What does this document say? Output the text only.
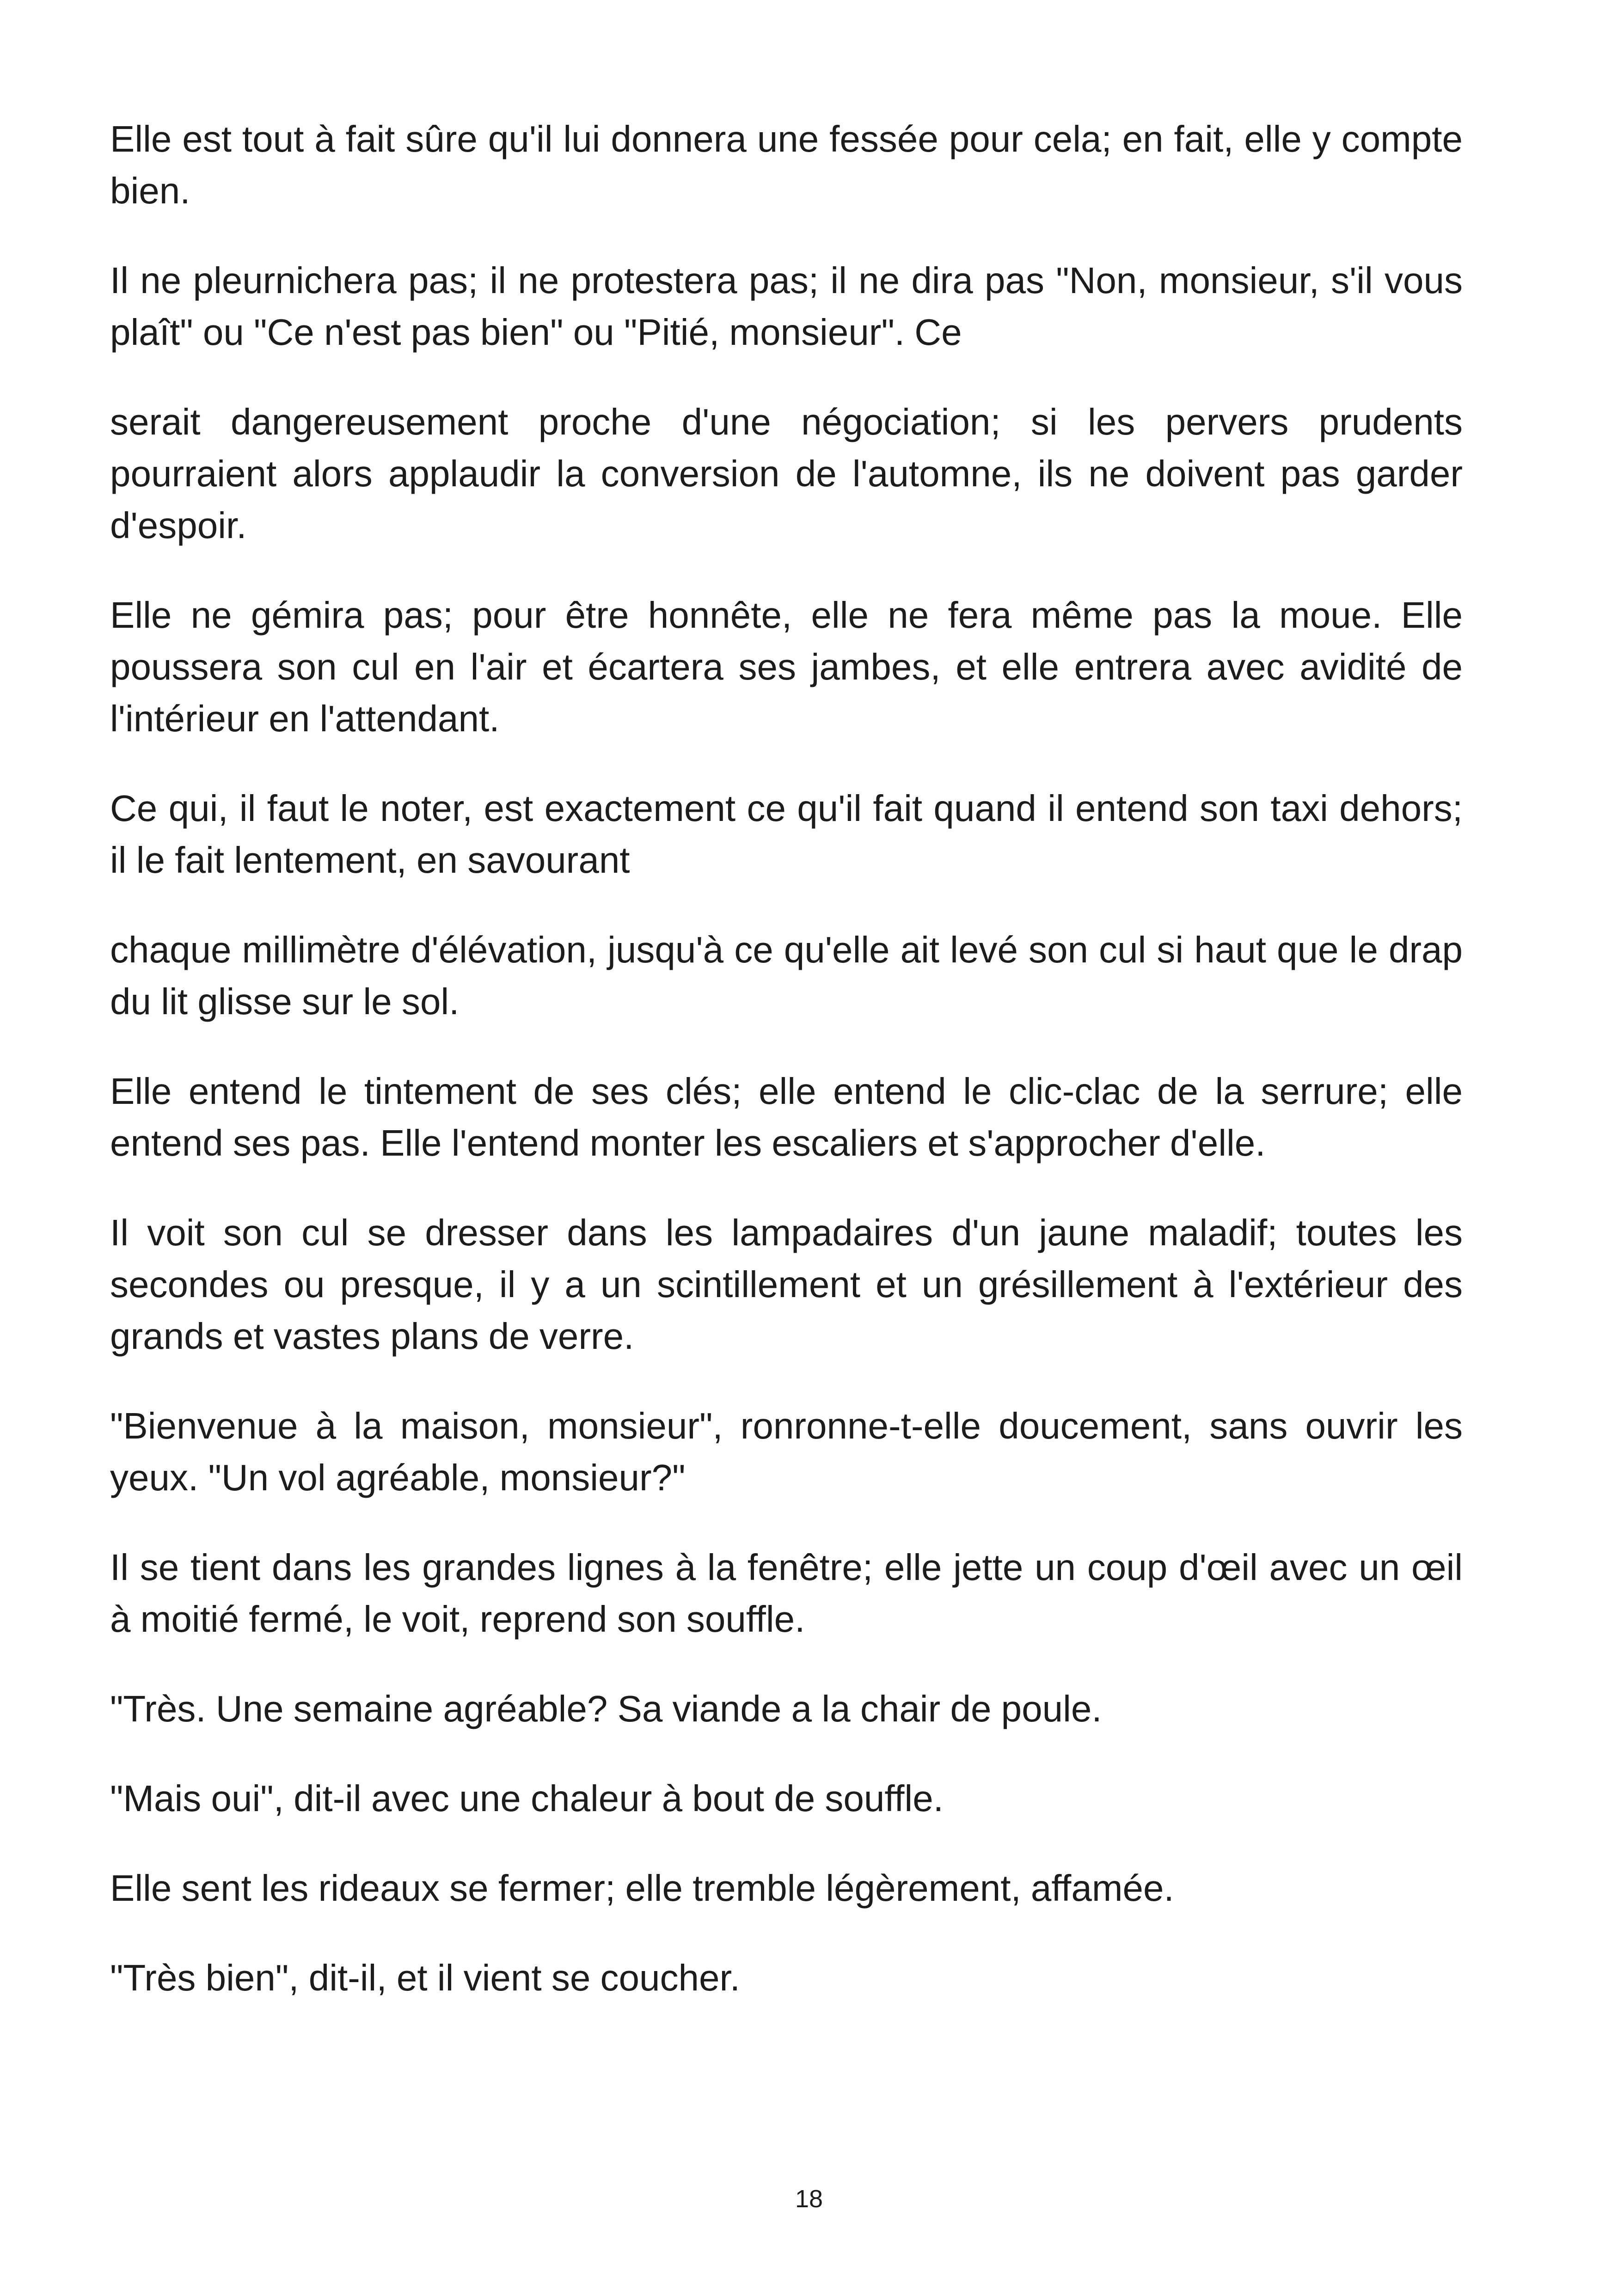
Elle est tout à fait sûre qu'il lui donnera une fessée pour cela; en fait, elle y compte bien.

Il ne pleurnichera pas; il ne protestera pas; il ne dira pas "Non, monsieur, s'il vous plaît" ou "Ce n'est pas bien" ou "Pitié, monsieur". Ce

serait dangereusement proche d'une négociation; si les pervers prudents pourraient alors applaudir la conversion de l'automne, ils ne doivent pas garder d'espoir.

Elle ne gémira pas; pour être honnête, elle ne fera même pas la moue. Elle poussera son cul en l'air et écartera ses jambes, et elle entrera avec avidité de l'intérieur en l'attendant.

Ce qui, il faut le noter, est exactement ce qu'il fait quand il entend son taxi dehors; il le fait lentement, en savourant

chaque millimètre d'élévation, jusqu'à ce qu'elle ait levé son cul si haut que le drap du lit glisse sur le sol.

Elle entend le tintement de ses clés; elle entend le clic-clac de la serrure; elle entend ses pas. Elle l'entend monter les escaliers et s'approcher d'elle.

Il voit son cul se dresser dans les lampadaires d'un jaune maladif; toutes les secondes ou presque, il y a un scintillement et un grésillement à l'extérieur des grands et vastes plans de verre.

"Bienvenue à la maison, monsieur", ronronne-t-elle doucement, sans ouvrir les yeux. "Un vol agréable, monsieur?"

Il se tient dans les grandes lignes à la fenêtre; elle jette un coup d'œil avec un œil à moitié fermé, le voit, reprend son souffle.

"Très. Une semaine agréable? Sa viande a la chair de poule.

"Mais oui", dit-il avec une chaleur à bout de souffle.

Elle sent les rideaux se fermer; elle tremble légèrement, affamée.

"Très bien", dit-il, et il vient se coucher.

18
